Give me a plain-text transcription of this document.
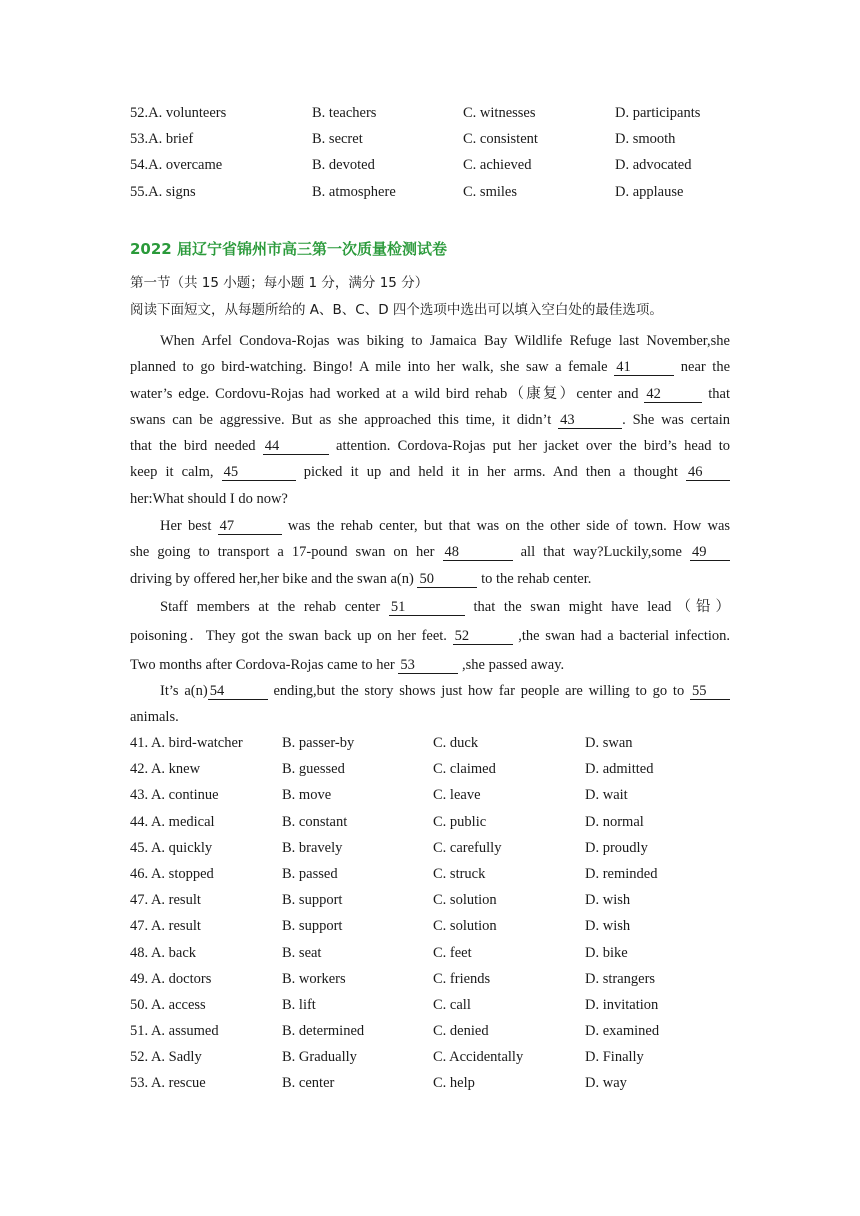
52.A. volunteers	B. teachers	C. witnesses	D. participants
53.A. brief	B. secret	C. consistent	D. smooth
54.A. overcame	B. devoted	C. achieved	D. advocated
55.A. signs	B. atmosphere	C. smiles	D. applause
2022 届辽宁省锦州市高三第一次质量检测试卷
第一节（共 15 小题；每小题 1 分，满分 15 分）
阅读下面短文，从每题所给的 A、B、C、D 四个选项中选出可以填入空白处的最佳选项。
When Arfel Condova-Rojas was biking to Jamaica Bay Wildlife Refuge last November,she
planned to go bird-watching. Bingo! A mile into her walk, she saw a female 41	near the
water’s edge. Cordovu-Rojas had worked at a wild bird rehab（康复）center and 42	that
swans can be aggressive. But as she approached this time, it didn’t 43	. She was certain
that the bird needed 44	attention. Cordova-Rojas put her jacket over the bird’s head to
keep it calm, 45	picked it up and held it in her arms. And then a thought 46
her:What should I do now?
Her best 47	was the rehab center, but that was on the other side of town. How was
she going to transport a 17-pound swan on her 48	all that way?Luckily,some 49
driving by offered her,her bike and the swan a(n) 50	to the rehab center.
Staff members at the rehab center 51	that the swan might have lead（铅）
poisoning．They got the swan back up on her feet. 52	,the swan had a bacterial infection.
Two months after Cordova-Rojas came to her 53	,she passed away.
It’s a(n) 54	ending,but the story shows just how far people are willing to go to 55
animals.
41. A. bird-watcher	B. passer-by	C. duck	D. swan
42. A. knew	B. guessed	C. claimed	D. admitted
43. A. continue	B. move	C. leave	D. wait
44. A. medical	B. constant	C. public	D. normal
45. A. quickly	B. bravely	C. carefully	D. proudly
46. A. stopped	B. passed	C. struck	D. reminded
47. A. result	B. support	C. solution	D. wish
47. A. result	B. support	C. solution	D. wish
48. A. back	B. seat	C. feet	D. bike
49. A. doctors	B. workers	C. friends	D. strangers
50. A. access	B. lift	C. call	D. invitation
51. A. assumed	B. determined	C. denied	D. examined
52. A. Sadly	B. Gradually	C. Accidentally	D. Finally
53. A. rescue	B. center	C. help	D. way
